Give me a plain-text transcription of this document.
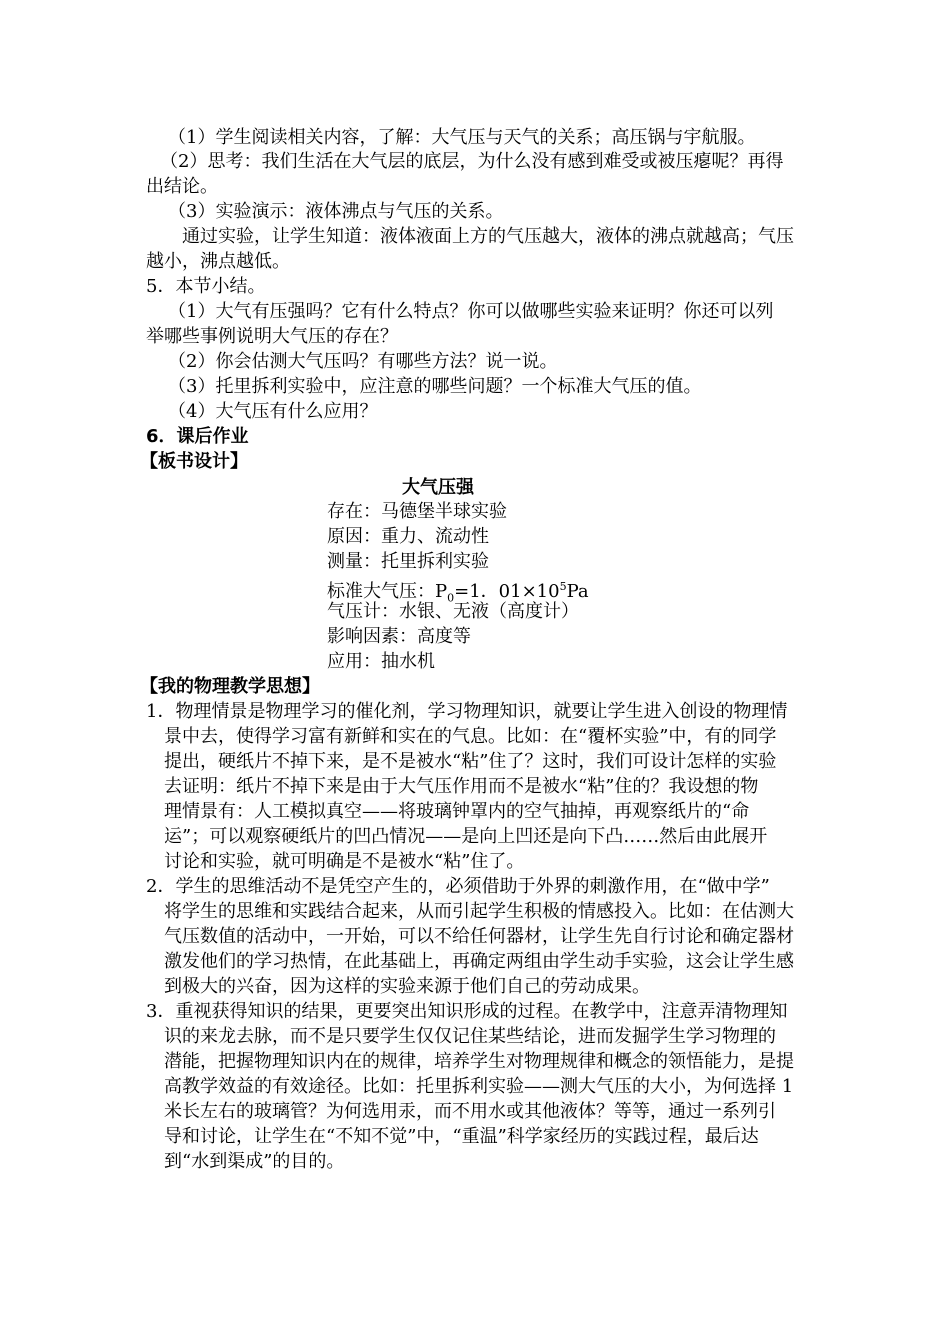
（1）学生阅读相关内容，了解：大气压与天气的关系；高压锅与宇航服。
（2）思考：我们生活在大气层的底层，为什么没有感到难受或被压瘪呢？再得
出结论。
（3）实验演示：液体沸点与气压的关系。
通过实验，让学生知道：液体液面上方的气压越大，液体的沸点就越高；气压
越小，沸点越低。
5．本节小结。
（1）大气有压强吗？它有什么特点？你可以做哪些实验来证明？你还可以列
举哪些事例说明大气压的存在？
（2）你会估测大气压吗？有哪些方法？说一说。
（3）托里拆利实验中，应注意的哪些问题？一个标准大气压的值。
（4）大气压有什么应用？
6．课后作业
【板书设计】
大气压强
存在：马德堡半球实验
原因：重力、流动性
测量：托里拆利实验
标准大气压：$P_0=1$．$01\times 10^5Pa$
气压计：水银、无液（高度计）
影响因素：高度等
应用：抽水机
【我的物理教学思想】
1．物理情景是物理学习的催化剂，学习物理知识，就要让学生进入创设的物理情
景中去，使得学习富有新鲜和实在的气息。比如：在“覆杯实验”中，有的同学
提出，硬纸片不掉下来，是不是被水“粘”住了？这时，我们可设计怎样的实验
去证明：纸片不掉下来是由于大气压作用而不是被水“粘”住的？我设想的物
理情景有：人工模拟真空——将玻璃钟罩内的空气抽掉，再观察纸片的“命
运”；可以观察硬纸片的凹凸情况——是向上凹还是向下凸……然后由此展开
讨论和实验，就可明确是不是被水“粘”住了。
2．学生的思维活动不是凭空产生的，必须借助于外界的刺激作用，在“做中学”
将学生的思维和实践结合起来，从而引起学生积极的情感投入。比如：在估测大
气压数值的活动中，一开始，可以不给任何器材，让学生先自行讨论和确定器材
激发他们的学习热情，在此基础上，再确定两组由学生动手实验，这会让学生感
到极大的兴奋，因为这样的实验来源于他们自己的劳动成果。
3．重视获得知识的结果，更要突出知识形成的过程。在教学中，注意弄清物理知
识的来龙去脉，而不是只要学生仅仅记住某些结论，进而发掘学生学习物理的
潜能，把握物理知识内在的规律，培养学生对物理规律和概念的领悟能力，是提
高教学效益的有效途径。比如：托里拆利实验——测大气压的大小，为何选择 1
米长左右的玻璃管？为何选用汞，而不用水或其他液体？等等，通过一系列引
导和讨论，让学生在“不知不觉”中，“重温”科学家经历的实践过程，最后达
到“水到渠成”的目的。
